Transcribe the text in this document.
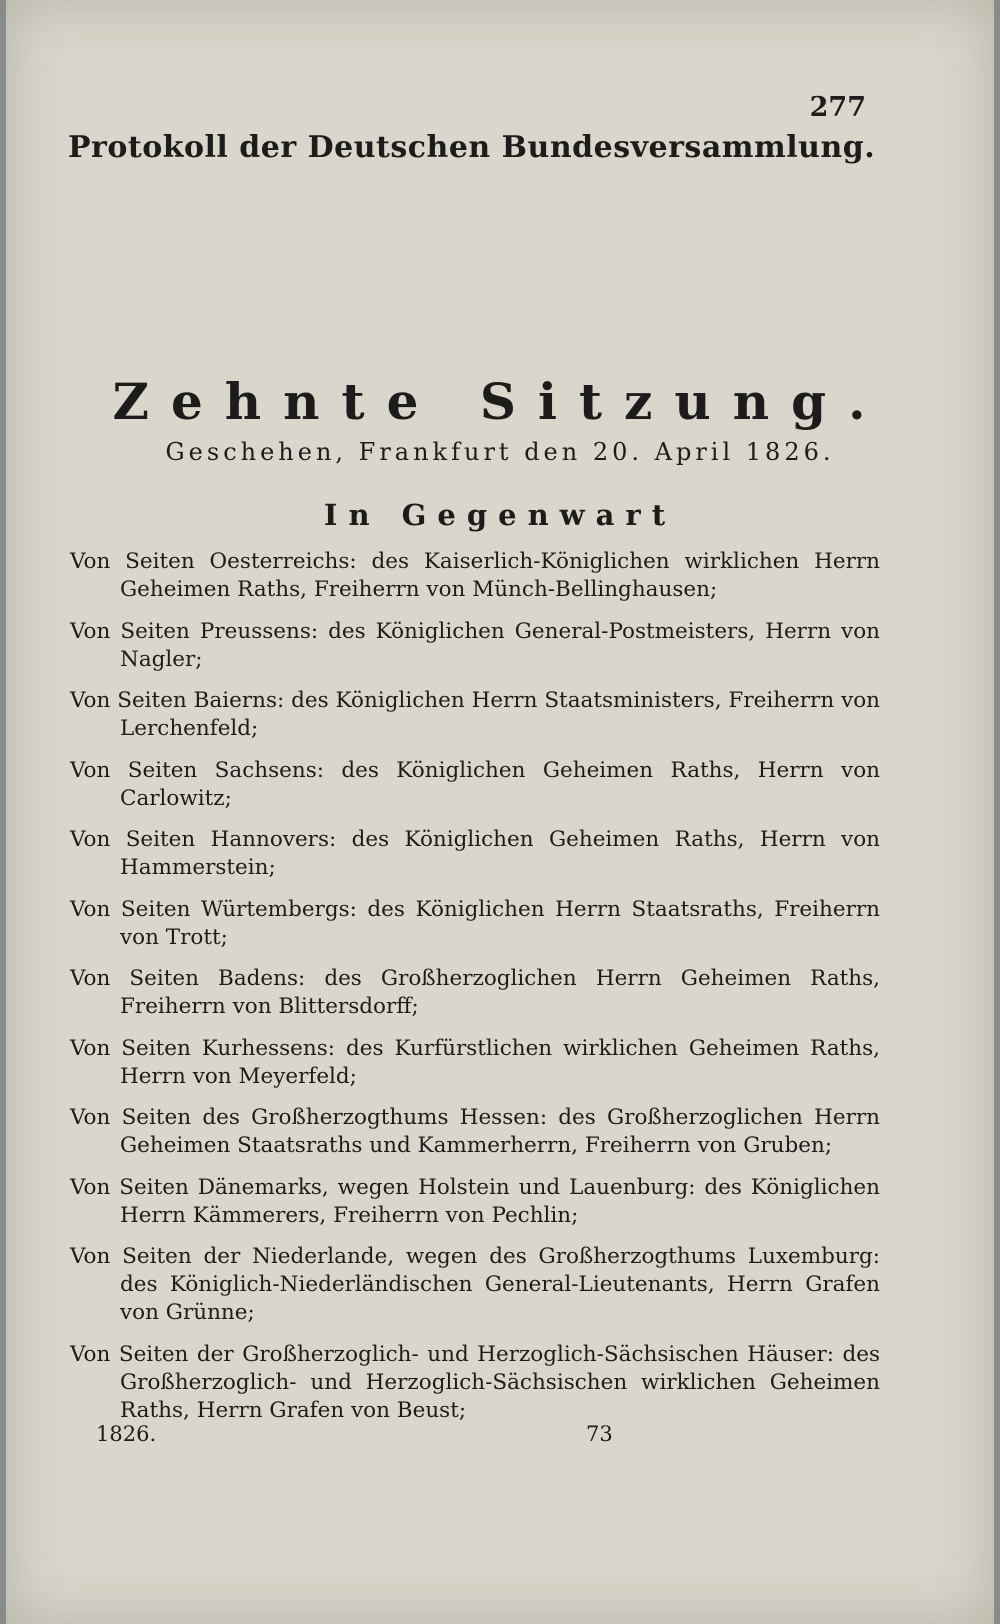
277
Protokoll der Deutschen Bundesversammlung.
Zehnte Sitzung.
Geschehen, Frankfurt den 20. April 1826.
In Gegenwart
Von Seiten Oesterreichs: des Kaiserlich-Königlichen wirklichen Herrn Geheimen Raths, Freiherrn von Münch-Bellinghausen;
Von Seiten Preussens: des Königlichen General-Postmeisters, Herrn von Nagler;
Von Seiten Baierns: des Königlichen Herrn Staatsministers, Freiherrn von Lerchenfeld;
Von Seiten Sachsens: des Königlichen Geheimen Raths, Herrn von Carlowitz;
Von Seiten Hannovers: des Königlichen Geheimen Raths, Herrn von Hammerstein;
Von Seiten Würtembergs: des Königlichen Herrn Staatsraths, Freiherrn von Trott;
Von Seiten Badens: des Großherzoglichen Herrn Geheimen Raths, Freiherrn von Blittersdorff;
Von Seiten Kurhessens: des Kurfürstlichen wirklichen Geheimen Raths, Herrn von Meyerfeld;
Von Seiten des Großherzogthums Hessen: des Großherzoglichen Herrn Geheimen Staatsraths und Kammerherrn, Freiherrn von Gruben;
Von Seiten Dänemarks, wegen Holstein und Lauenburg: des Königlichen Herrn Kämmerers, Freiherrn von Pechlin;
Von Seiten der Niederlande, wegen des Großherzogthums Luxemburg: des Königlich-Niederländischen General-Lieutenants, Herrn Grafen von Grünne;
Von Seiten der Großherzoglich- und Herzoglich-Sächsischen Häuser: des Großherzoglich- und Herzoglich-Sächsischen wirklichen Geheimen Raths, Herrn Grafen von Beust;
1826.	73
